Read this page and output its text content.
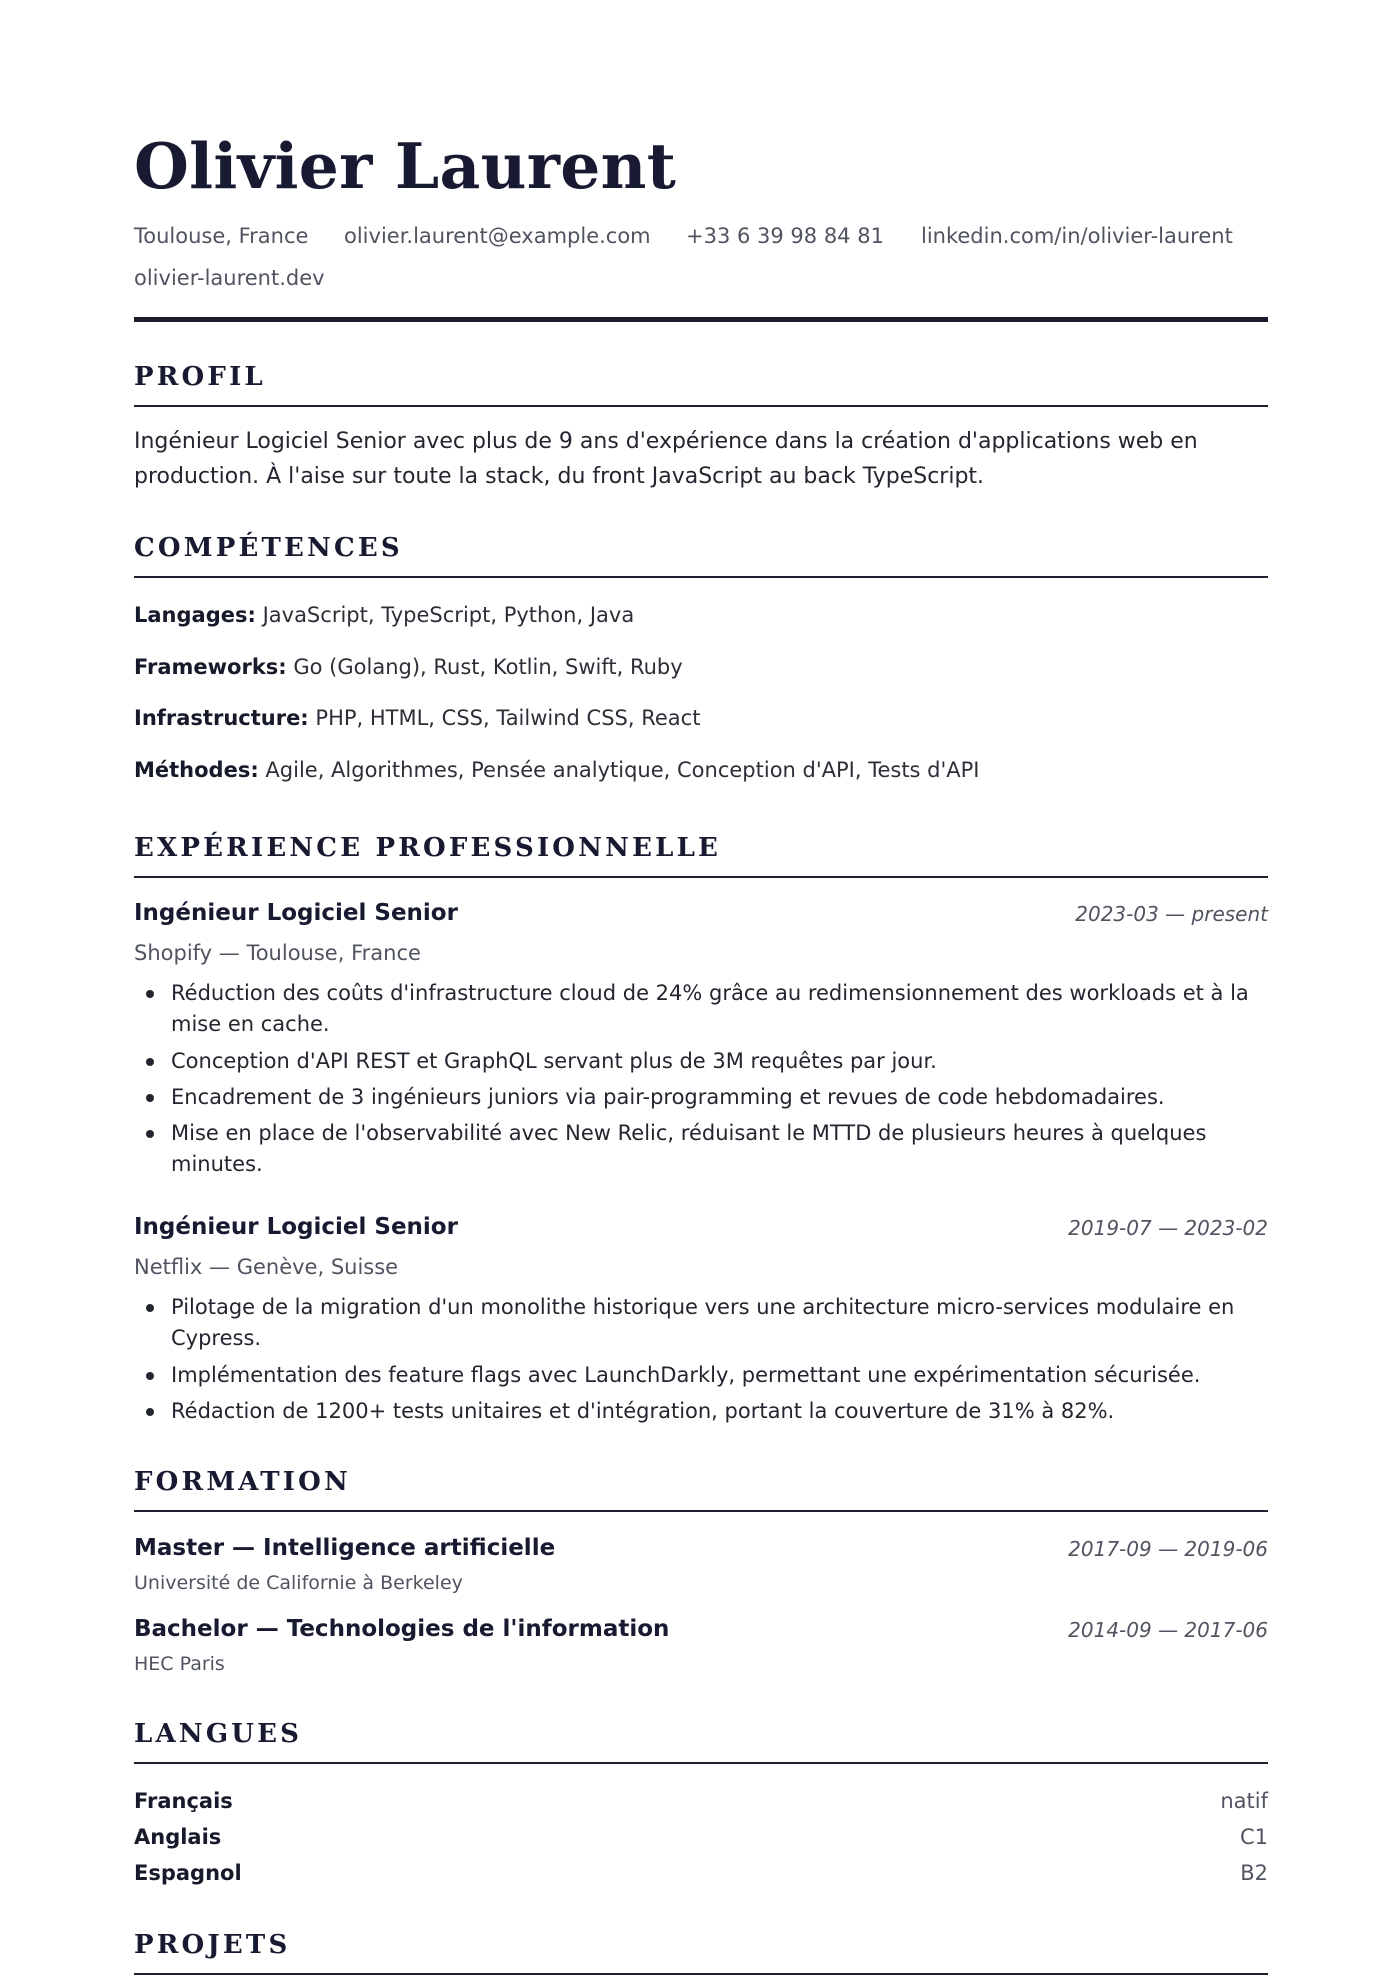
Olivier Laurent
Toulouse, France olivier.laurent@example.com +33 6 39 98 84 81 linkedin.com/in/olivier-laurent
olivier-laurent.dev
PROFIL
Ingénieur Logiciel Senior avec plus de 9 ans d'expérience dans la création d'applications web en
production. À l'aise sur toute la stack, du front JavaScript au back TypeScript.
COMPÉTENCES
Langages: JavaScript, TypeScript, Python, Java
Frameworks: Go (Golang), Rust, Kotlin, Swift, Ruby
Infrastructure: PHP, HTML, CSS, Tailwind CSS, React
Méthodes: Agile, Algorithmes, Pensée analytique, Conception d'API, Tests d'API
EXPÉRIENCE PROFESSIONNELLE
Ingénieur Logiciel Senior	2023-03 — present
Shopify — Toulouse, France
Réduction des coûts d'infrastructure cloud de 24% grâce au redimensionnement des workloads et à la
mise en cache.
Conception d'API REST et GraphQL servant plus de 3M requêtes par jour.
Encadrement de 3 ingénieurs juniors via pair-programming et revues de code hebdomadaires.
Mise en place de l'observabilité avec New Relic, réduisant le MTTD de plusieurs heures à quelques
minutes.
Ingénieur Logiciel Senior	2019-07 — 2023-02
Netflix — Genève, Suisse
Pilotage de la migration d'un monolithe historique vers une architecture micro-services modulaire en
Cypress.
Implémentation des feature flags avec LaunchDarkly, permettant une expérimentation sécurisée.
Rédaction de 1200+ tests unitaires et d'intégration, portant la couverture de 31% à 82%.
FORMATION
Master — Intelligence artificielle	2017-09 — 2019-06
Université de Californie à Berkeley
Bachelor — Technologies de l'information	2014-09 — 2017-06
HEC Paris
LANGUES
Français	natif
Anglais	C1
Espagnol	B2
PROJETS
